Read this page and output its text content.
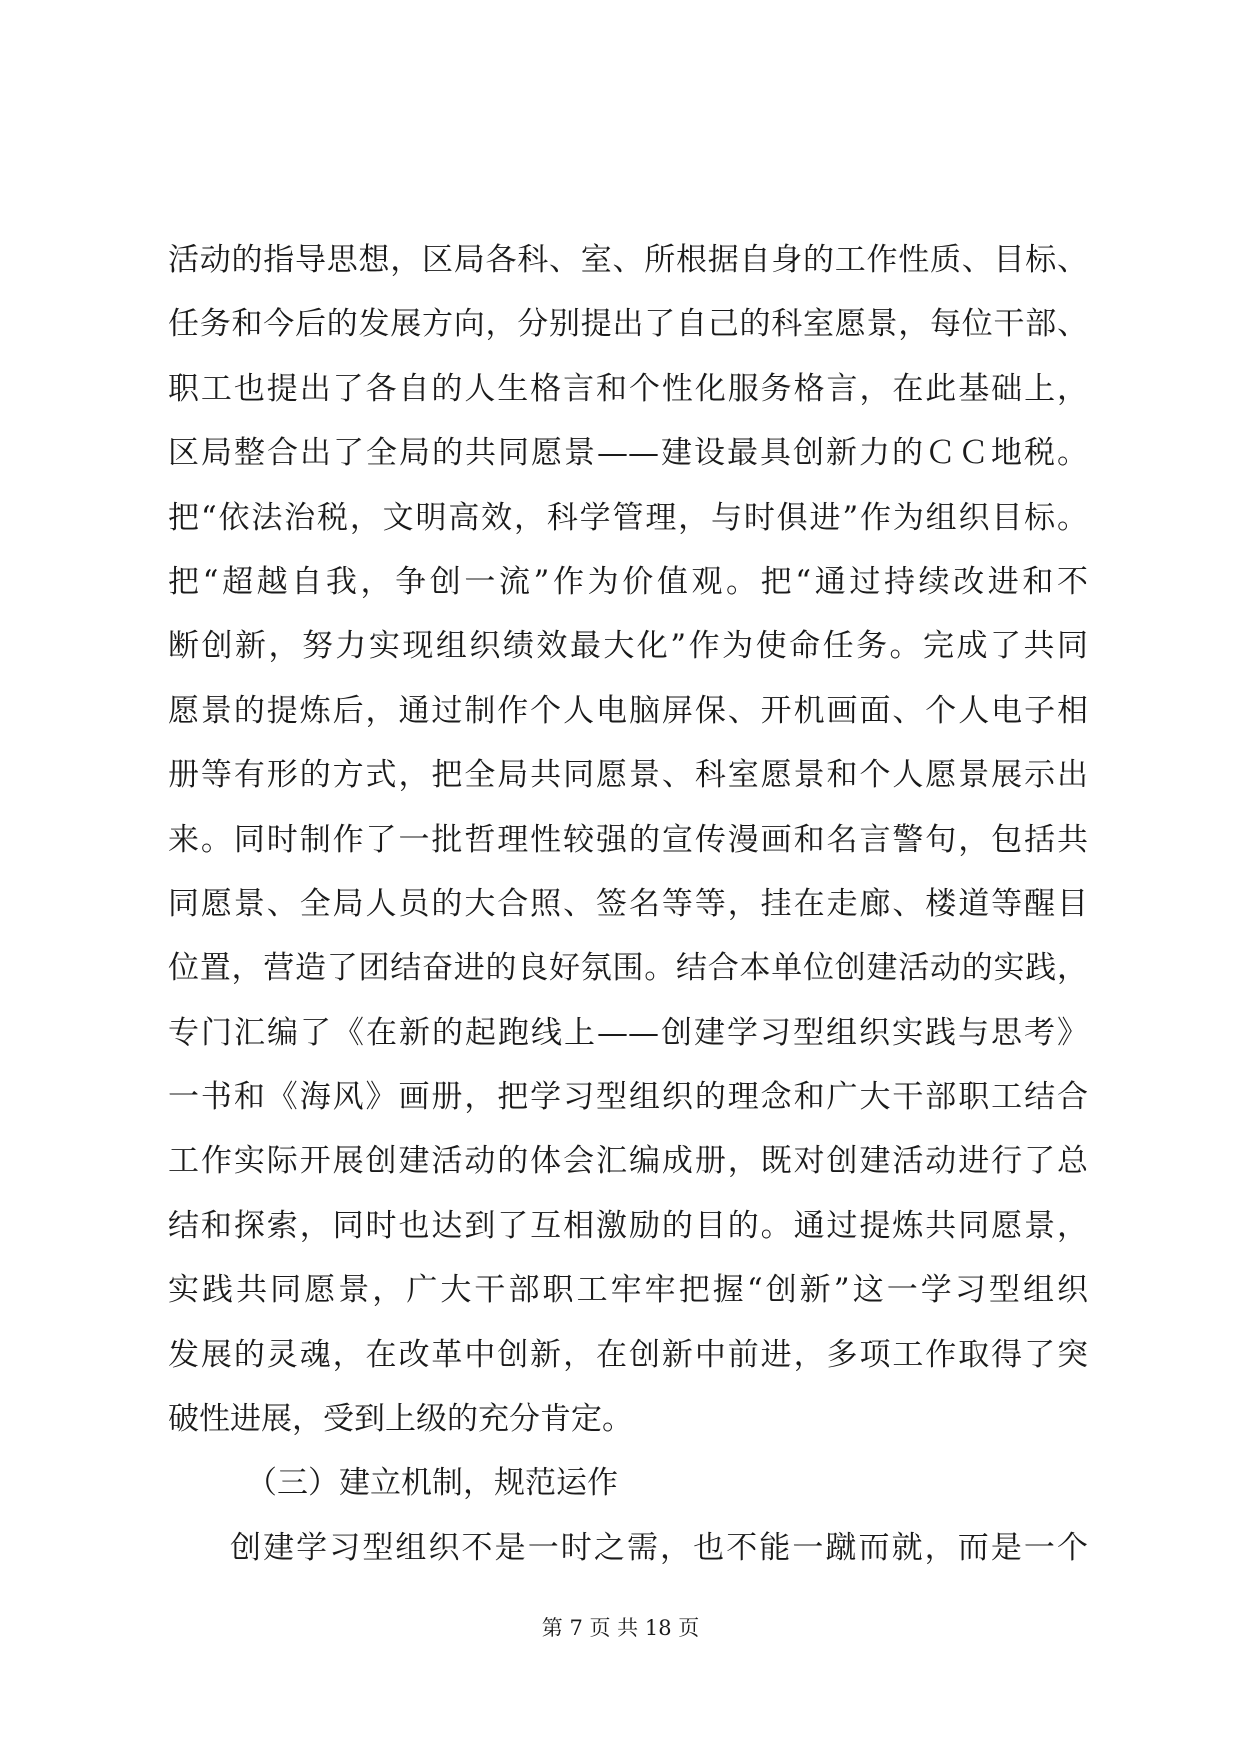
活动的指导思想，区局各科、室、所根据自身的工作性质、目标、
任务和今后的发展方向，分别提出了自己的科室愿景，每位干部、
职工也提出了各自的人生格言和个性化服务格言，在此基础上，
区局整合出了全局的共同愿景——建设最具创新力的ＣＣ地税。
把“依法治税，文明高效，科学管理，与时俱进”作为组织目标。
把“超越自我，争创一流”作为价值观。把“通过持续改进和不
断创新，努力实现组织绩效最大化”作为使命任务。完成了共同
愿景的提炼后，通过制作个人电脑屏保、开机画面、个人电子相
册等有形的方式，把全局共同愿景、科室愿景和个人愿景展示出
来。同时制作了一批哲理性较强的宣传漫画和名言警句，包括共
同愿景、全局人员的大合照、签名等等，挂在走廊、楼道等醒目
位置，营造了团结奋进的良好氛围。结合本单位创建活动的实践，
专门汇编了《在新的起跑线上——创建学习型组织实践与思考》
一书和《海风》画册，把学习型组织的理念和广大干部职工结合
工作实际开展创建活动的体会汇编成册，既对创建活动进行了总
结和探索，同时也达到了互相激励的目的。通过提炼共同愿景，
实践共同愿景，广大干部职工牢牢把握“创新”这一学习型组织
发展的灵魂，在改革中创新，在创新中前进，多项工作取得了突
破性进展，受到上级的充分肯定。
（三）建立机制，规范运作
创建学习型组织不是一时之需，也不能一蹴而就，而是一个
第 7 页 共 18 页
